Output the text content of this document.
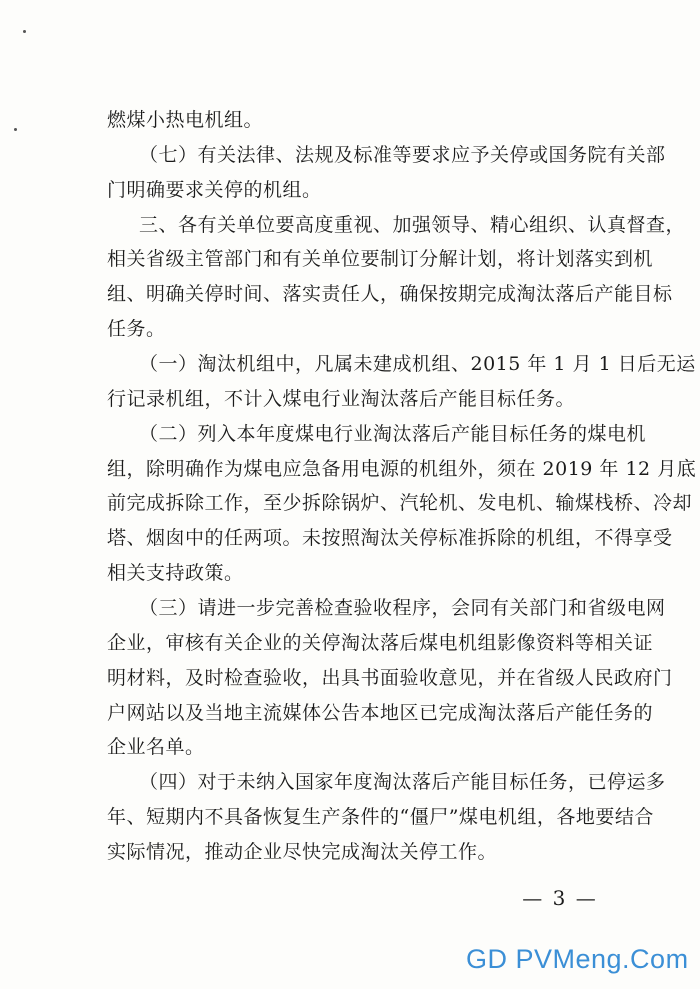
燃煤小热电机组。
（七）有关法律、法规及标准等要求应予关停或国务院有关部
门明确要求关停的机组。
三、各有关单位要高度重视、加强领导、精心组织、认真督查，
相关省级主管部门和有关单位要制订分解计划，将计划落实到机
组、明确关停时间、落实责任人，确保按期完成淘汰落后产能目标
任务。
（一）淘汰机组中，凡属未建成机组、2015 年 1 月 1 日后无运
行记录机组，不计入煤电行业淘汰落后产能目标任务。
（二）列入本年度煤电行业淘汰落后产能目标任务的煤电机
组，除明确作为煤电应急备用电源的机组外，须在 2019 年 12 月底
前完成拆除工作，至少拆除锅炉、汽轮机、发电机、输煤栈桥、冷却
塔、烟囱中的任两项。未按照淘汰关停标准拆除的机组，不得享受
相关支持政策。
（三）请进一步完善检查验收程序，会同有关部门和省级电网
企业，审核有关企业的关停淘汰落后煤电机组影像资料等相关证
明材料，及时检查验收，出具书面验收意见，并在省级人民政府门
户网站以及当地主流媒体公告本地区已完成淘汰落后产能任务的
企业名单。
（四）对于未纳入国家年度淘汰落后产能目标任务，已停运多
年、短期内不具备恢复生产条件的“僵尸”煤电机组，各地要结合
实际情况，推动企业尽快完成淘汰关停工作。
— 3 —
GD PVMeng.Com
